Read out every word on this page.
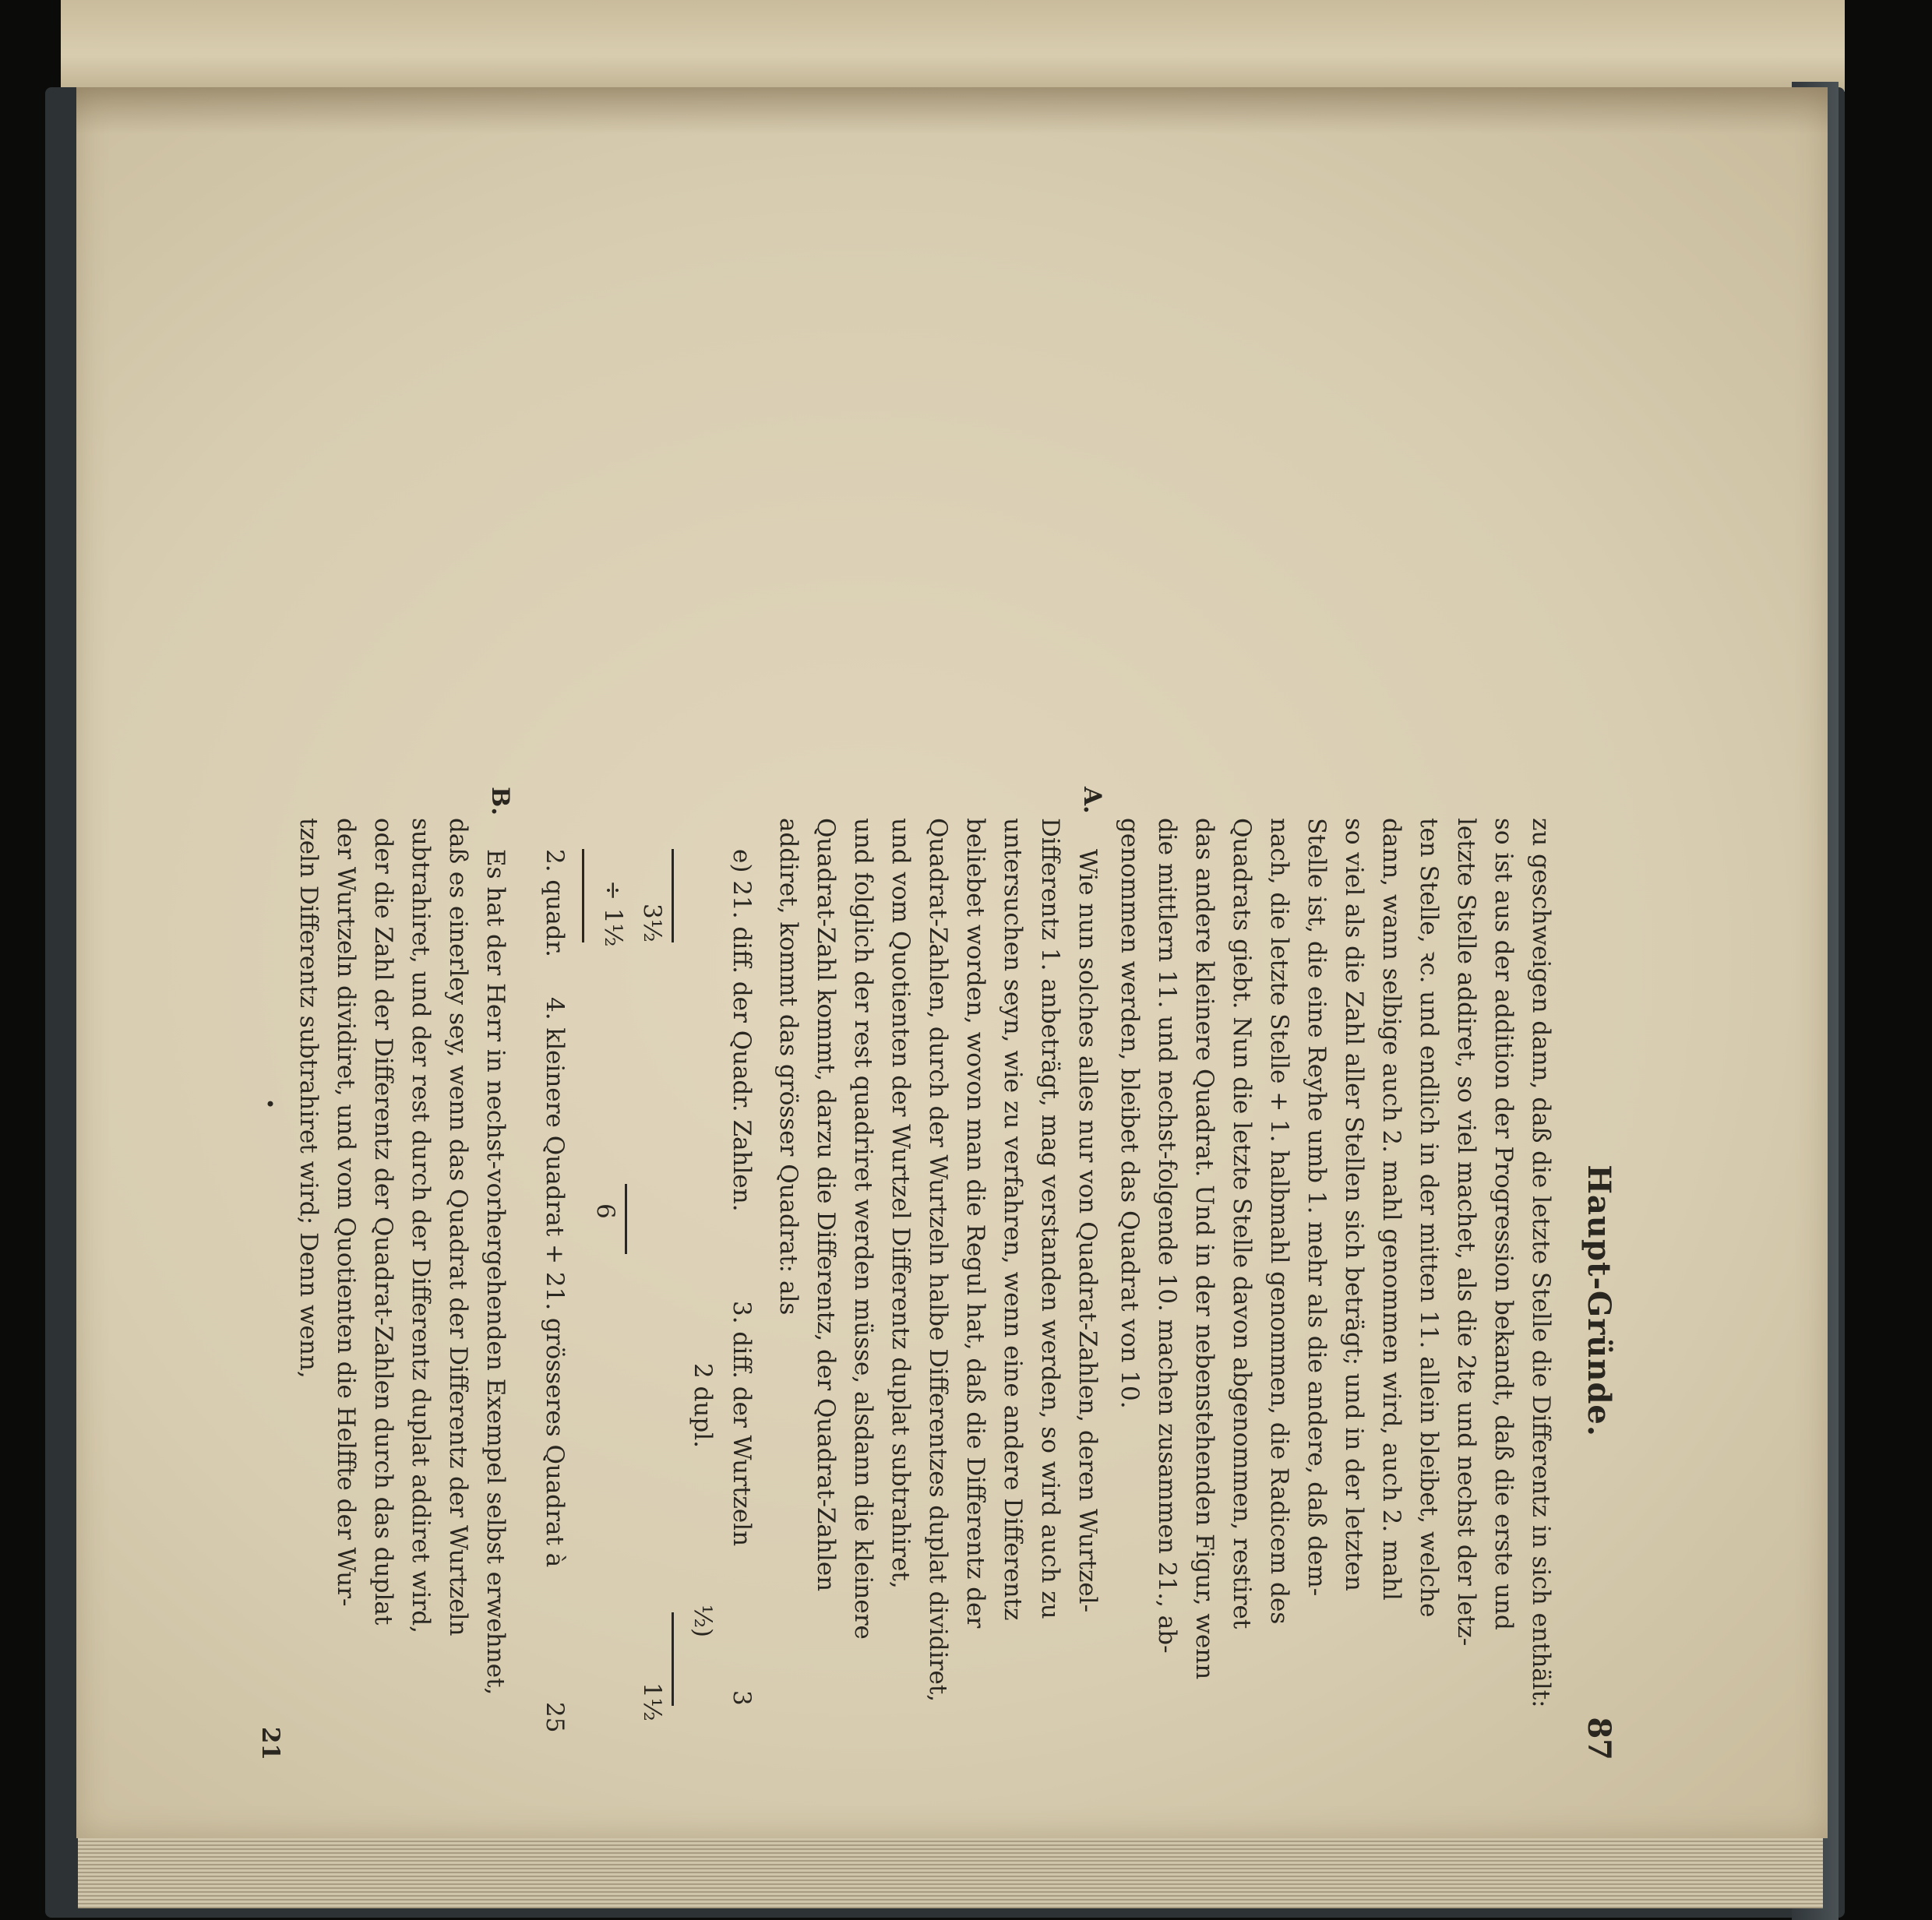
Haupt-Gründe.
87
zu geschweigen dann, daß die letzte Stelle die Differentz in sich enthält:
so ist aus der addition der Progression bekandt, daß die erste und
letzte Stelle addiret, so viel machet, als die 2te und nechst der letz-
ten Stelle, ꝛc. und endlich in der mitten 11. allein bleibet, welche
dann, wann selbige auch 2. mahl genommen wird, auch 2. mahl
so viel als die Zahl aller Stellen sich beträgt; und in der letzten
Stelle ist, die eine Reyhe umb 1. mehr als die andere, daß dem-
nach, die letzte Stelle + 1. halbmahl genommen, die Radicem des
Quadrats giebt. Nun die letzte Stelle davon abgenommen, restiret
das andere kleinere Quadrat. Und in der nebenstehenden Figur, wenn
die mittlern 11. und nechst-folgende 10. machen zusammen 21., ab-
genommen werden, bleibet das Quadrat von 10.
A.
Wie nun solches alles nur von Quadrat-Zahlen, deren Wurtzel-
Differentz 1. anbeträgt, mag verstanden werden, so wird auch zu
untersuchen seyn, wie zu verfahren, wenn eine andere Differentz
beliebet worden, wovon man die Regul hat, daß die Differentz der
Quadrat-Zahlen, durch der Wurtzeln halbe Differentzes duplat dividiret,
und vom Quotienten der Wurtzel Differentz duplat subtrahiret,
und folglich der rest quadriret werden müsse, alsdann die kleinere
Quadrat-Zahl kommt, darzu die Differentz, der Quadrat-Zahlen
addiret, kommt das grösser Quadrat: als
e) 21. diff. der Quadr. Zahlen.
3. diff. der Wurtzeln
3
2 dupl.
½)
1½
3½
÷ 1½
6
2. quadr.
4. kleinere Quadrat + 21. grösseres Quadrat à
25
B.
Es hat der Herr in nechst-vorhergehenden Exempel selbst erwehnet,
daß es einerley sey, wenn das Quadrat der Differentz der Wurtzeln
subtrahiret, und der rest durch der Differentz duplat addiret wird,
oder die Zahl der Differentz der Quadrat-Zahlen durch das duplat
der Wurtzeln dividiret, und vom Quotienten die Helffte der Wur-
tzeln Differentz subtrahiret wird; Denn wenn,
•
21
